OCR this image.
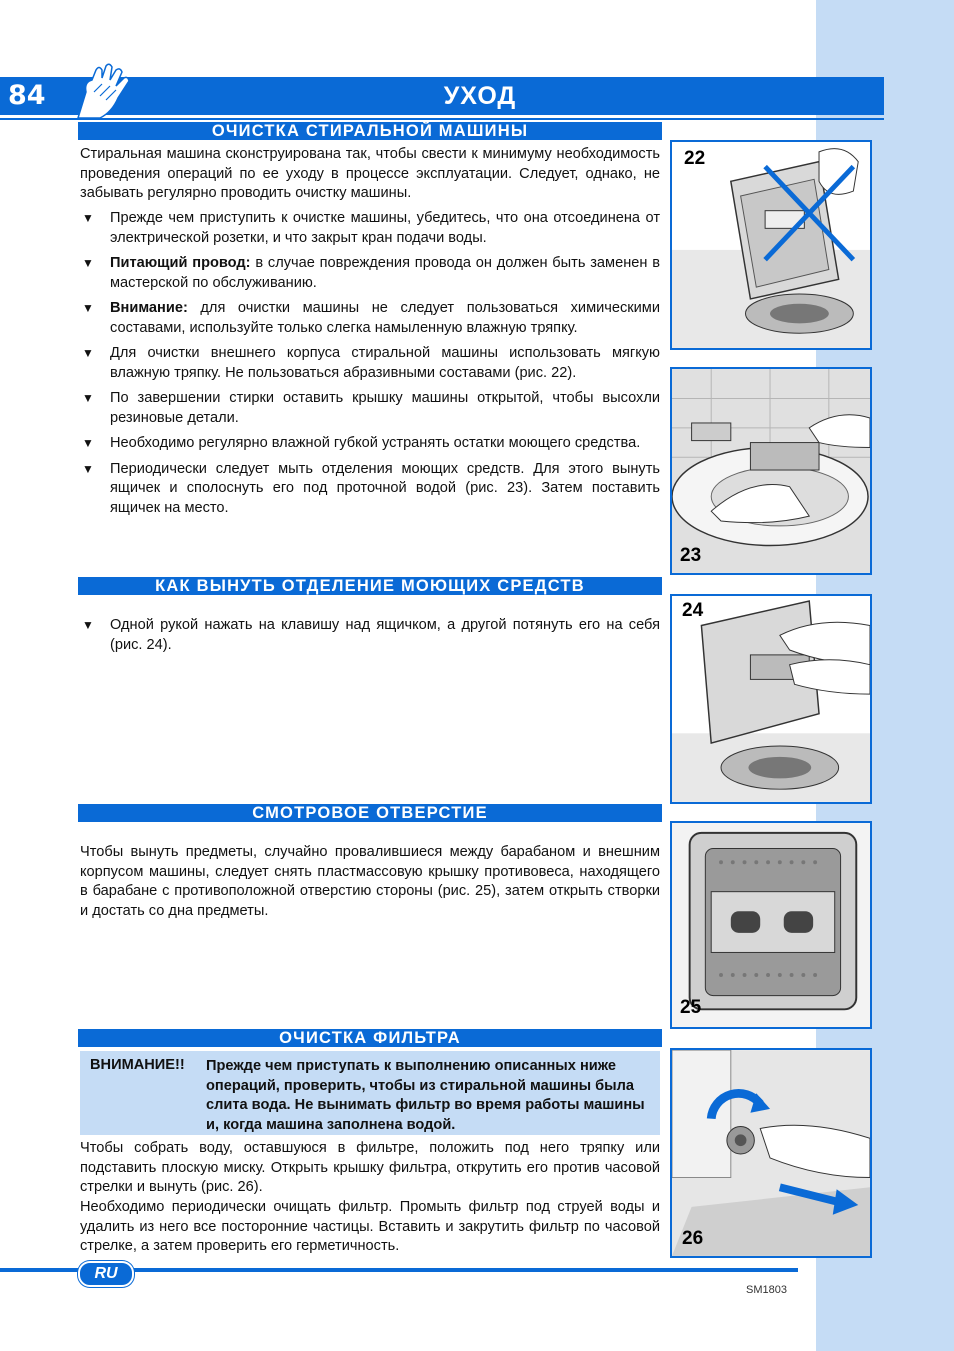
84	УХОД
ОЧИСТКА СТИРАЛЬНОЙ МАШИНЫ

Стиральная машина сконструирована так, чтобы свести к минимуму необходимость проведения операций по ее уходу в процессе эксплуатации. Следует, однако, не забывать регулярно проводить очистку машины.

▼ Прежде чем приступить к очистке машины, убедитесь, что она отсоединена от электрической розетки, и что закрыт кран подачи воды.
▼ Питающий провод: в случае повреждения провода он должен быть заменен в мастерской по обслуживанию.
▼ Внимание: для очистки машины не следует пользоваться химическими составами, используйте только слегка намыленную влажную тряпку.
▼ Для очистки внешнего корпуса стиральной машины использовать мягкую влажную тряпку. Не пользоваться абразивными составами (рис. 22).
▼ По завершении стирки оставить крышку машины открытой, чтобы высохли резиновые детали.
▼ Необходимо регулярно влажной губкой устранять остатки моющего средства.
▼ Периодически следует мыть отделения моющих средств. Для этого вынуть ящичек и сполоснуть его под проточной водой (рис. 23). Затем поставить ящичек на место.
22
23
КАК ВЫНУТЬ ОТДЕЛЕНИЕ МОЮЩИХ СРЕДСТВ
▼ Одной рукой нажать на клавишу над ящичком, а другой потянуть его на себя (рис. 24).
24
СМОТРОВОЕ ОТВЕРСТИЕ

Чтобы вынуть предметы, случайно провалившиеся между барабаном и внешним корпусом машины, следует снять пластмассовую крышку противовеса, находящего в барабане с противоположной отверстию стороны (рис. 25), затем открыть створки и достать со дна предметы.

25
ОЧИСТКА ФИЛЬТРА
ВНИМАНИЕ!! Прежде чем приступать к выполнению описанных ниже операций, проверить, чтобы из стиральной машины была слита вода. Не вынимать фильтр во время работы машины и, когда машина заполнена водой.

Чтобы собрать воду, оставшуюся в фильтре, положить под него тряпку или подставить плоскую миску. Открыть крышку фильтра, открутить его против часовой стрелки и вынуть (рис. 26).

Необходимо периодически очищать фильтр. Промыть фильтр под струей воды и удалить из него все посторонние частицы. Вставить и закрутить фильтр по часовой стрелке, а затем проверить его герметичность.	26
RU
SM1803
